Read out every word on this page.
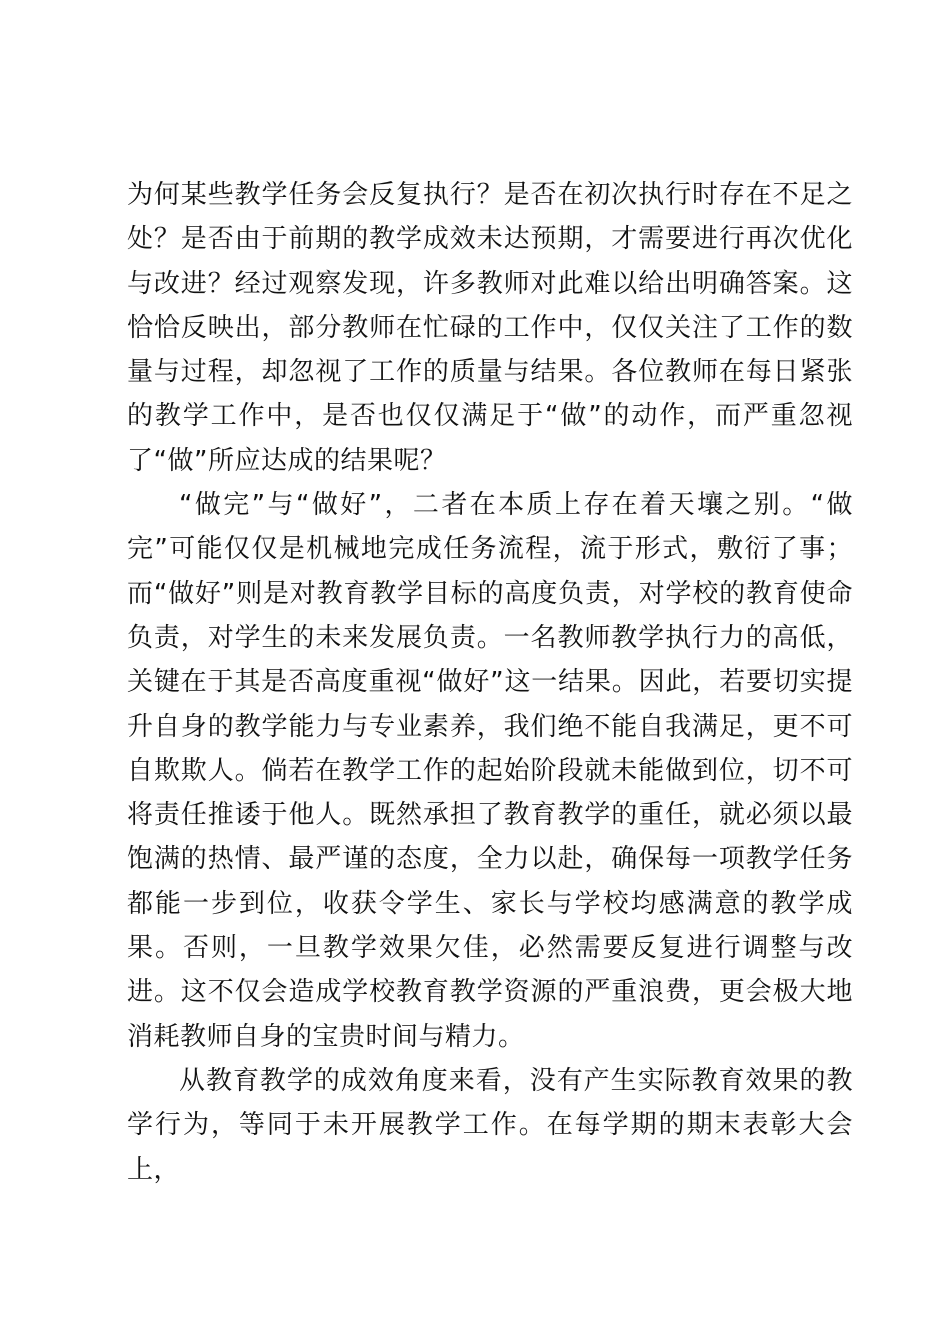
为何某些教学任务会反复执行？是否在初次执行时存在不足之处？是否由于前期的教学成效未达预期，才需要进行再次优化与改进？经过观察发现，许多教师对此难以给出明确答案。这恰恰反映出，部分教师在忙碌的工作中，仅仅关注了工作的数量与过程，却忽视了工作的质量与结果。各位教师在每日紧张的教学工作中，是否也仅仅满足于“做”的动作，而严重忽视了“做”所应达成的结果呢？

“做完”与“做好”，二者在本质上存在着天壤之别。“做完”可能仅仅是机械地完成任务流程，流于形式，敷衍了事；而“做好”则是对教育教学目标的高度负责，对学校的教育使命负责，对学生的未来发展负责。一名教师教学执行力的高低，关键在于其是否高度重视“做好”这一结果。因此，若要切实提升自身的教学能力与专业素养，我们绝不能自我满足，更不可自欺欺人。倘若在教学工作的起始阶段就未能做到位，切不可将责任推诿于他人。既然承担了教育教学的重任，就必须以最饱满的热情、最严谨的态度，全力以赴，确保每一项教学任务都能一步到位，收获令学生、家长与学校均感满意的教学成果。否则，一旦教学效果欠佳，必然需要反复进行调整与改进。这不仅会造成学校教育教学资源的严重浪费，更会极大地消耗教师自身的宝贵时间与精力。

从教育教学的成效角度来看，没有产生实际教育效果的教学行为，等同于未开展教学工作。在每学期的期末表彰大会上，
